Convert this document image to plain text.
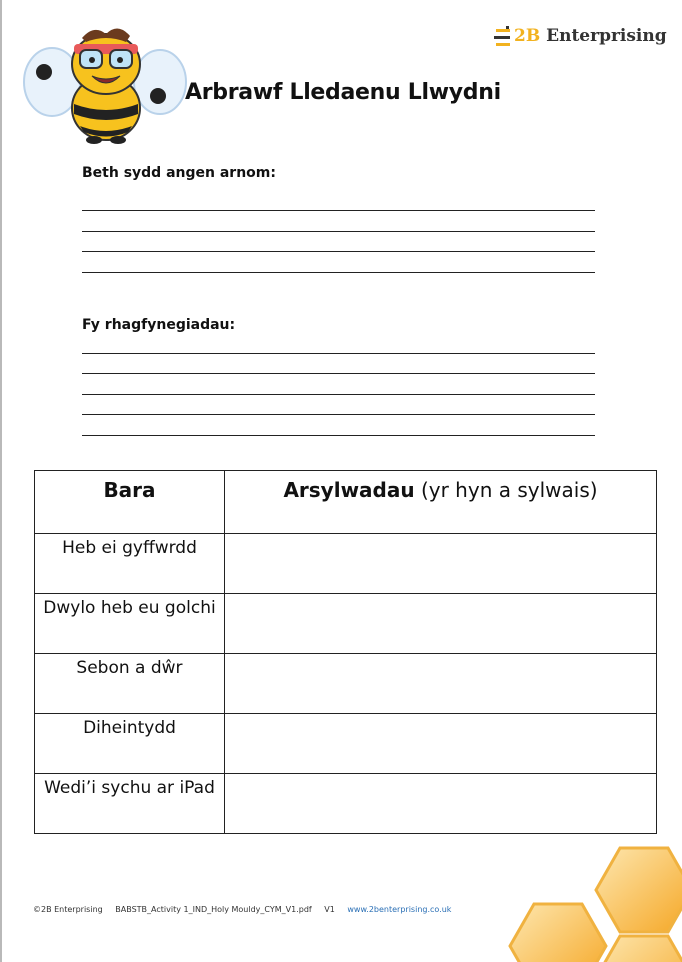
2B Enterprising
Arbrawf Lledaenu Llwydni
Beth sydd angen arnom:
Fy rhagfynegiadau:
Bara	Arsylwadau (yr hyn a sylwais)
Heb ei gyffwrdd	
Dwylo heb eu golchi	
Sebon a dŵr	
Diheintydd	
Wedi’i sychu ar iPad	
©2B Enterprising BABSTB_Activity 1_IND_Holy Mouldy_CYM_V1.pdf V1 www.2benterprising.co.uk
